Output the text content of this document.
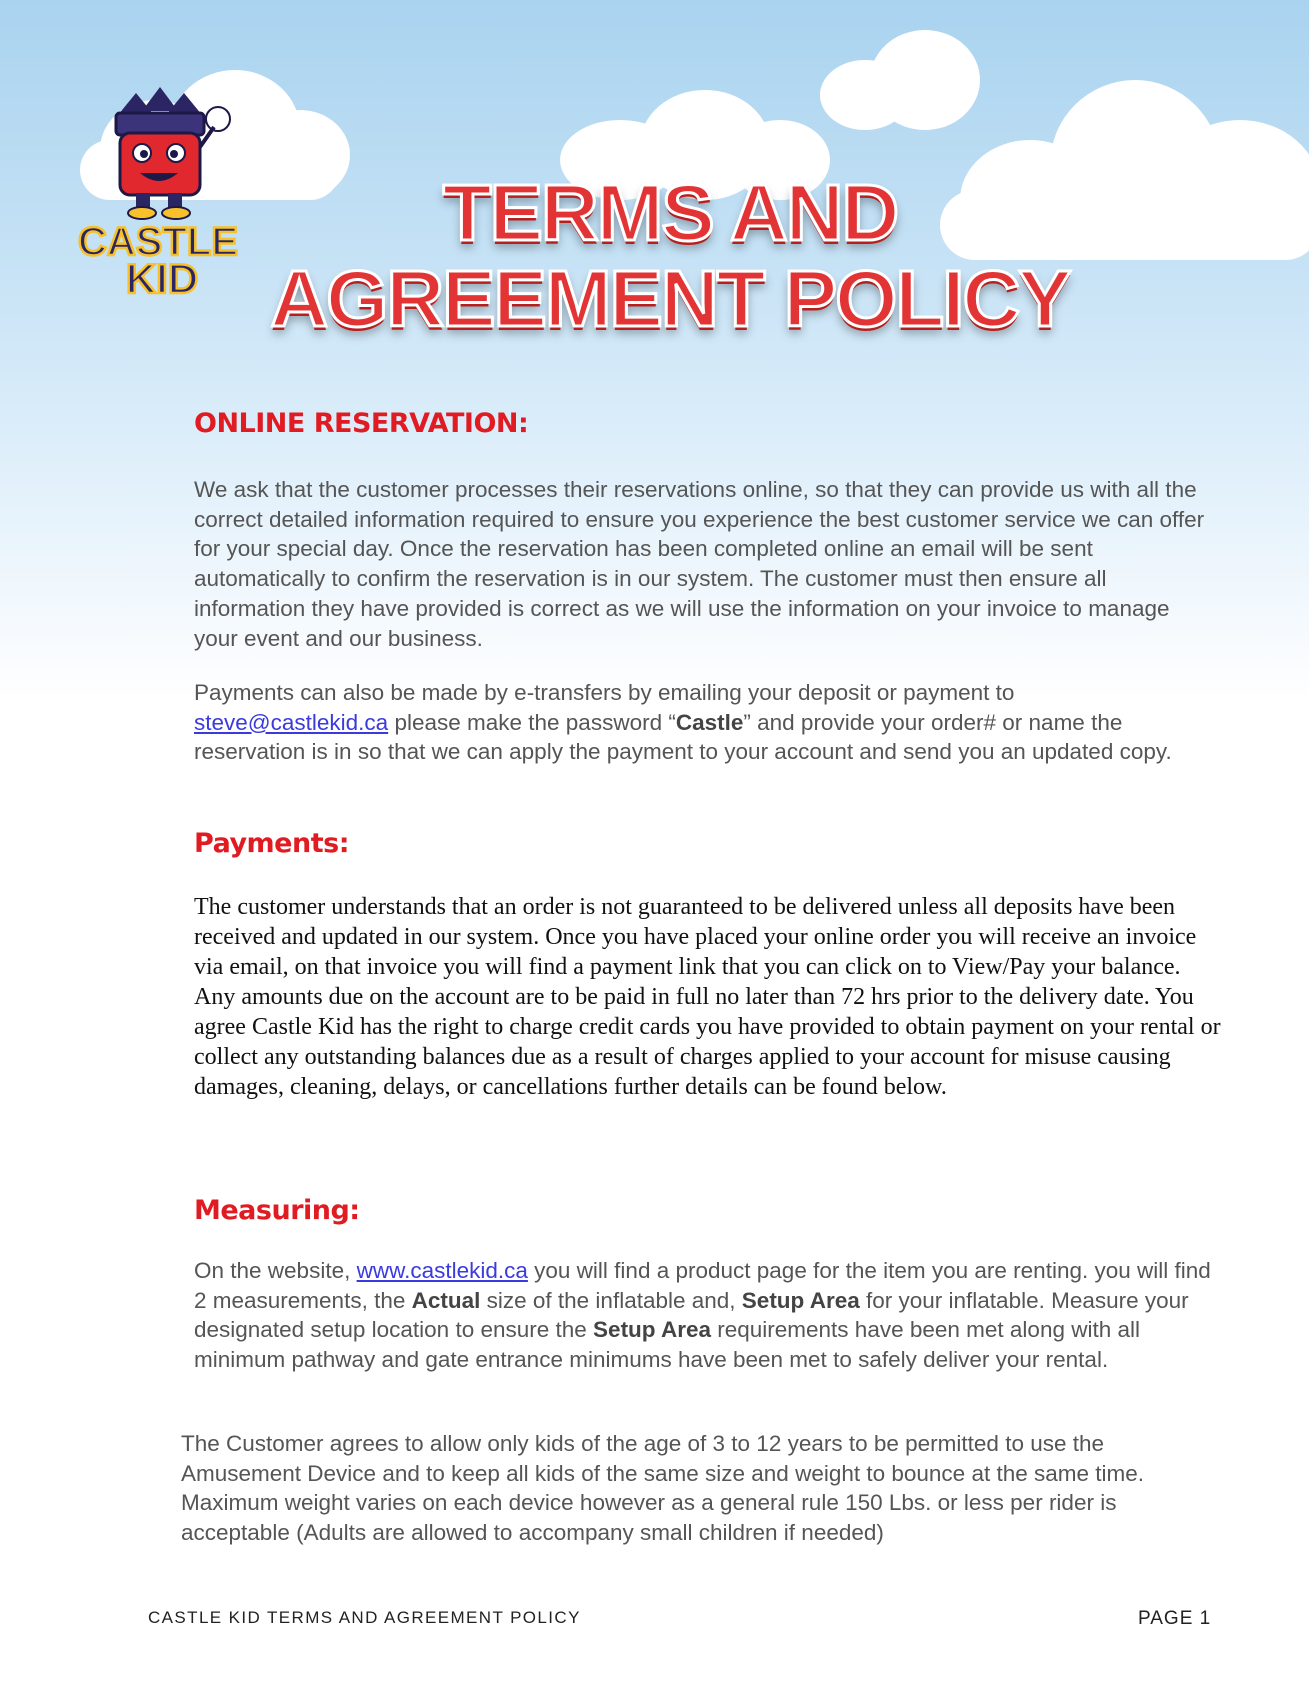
CASTLE
KID
TERMS AND
AGREEMENT POLICY
ONLINE RESERVATION:

We ask that the customer processes their reservations online, so that they can provide us with all the correct detailed information required to ensure you experience the best customer service we can offer for your special day. Once the reservation has been completed online an email will be sent automatically to confirm the reservation is in our system. The customer must then ensure all information they have provided is correct as we will use the information on your invoice to manage your event and our business.

Payments can also be made by e-transfers by emailing your deposit or payment to steve@castlekid.ca please make the password “Castle” and provide your order# or name the reservation is in so that we can apply the payment to your account and send you an updated copy.

Payments:

The customer understands that an order is not guaranteed to be delivered unless all deposits have been received and updated in our system. Once you have placed your online order you will receive an invoice via email, on that invoice you will find a payment link that you can click on to View/Pay your balance. Any amounts due on the account are to be paid in full no later than 72 hrs prior to the delivery date. You agree Castle Kid has the right to charge credit cards you have provided to obtain payment on your rental or collect any outstanding balances due as a result of charges applied to your account for misuse causing damages, cleaning, delays, or cancellations further details can be found below.

Measuring:

On the website, www.castlekid.ca you will find a product page for the item you are renting. you will find 2 measurements, the Actual size of the inflatable and, Setup Area for your inflatable. Measure your designated setup location to ensure the Setup Area requirements have been met along with all minimum pathway and gate entrance minimums have been met to safely deliver your rental.

The Customer agrees to allow only kids of the age of 3 to 12 years to be permitted to use the Amusement Device and to keep all kids of the same size and weight to bounce at the same time. Maximum weight varies on each device however as a general rule 150 Lbs. or less per rider is acceptable (Adults are allowed to accompany small children if needed)

CASTLE KID TERMS AND AGREEMENT POLICY	PAGE 1
